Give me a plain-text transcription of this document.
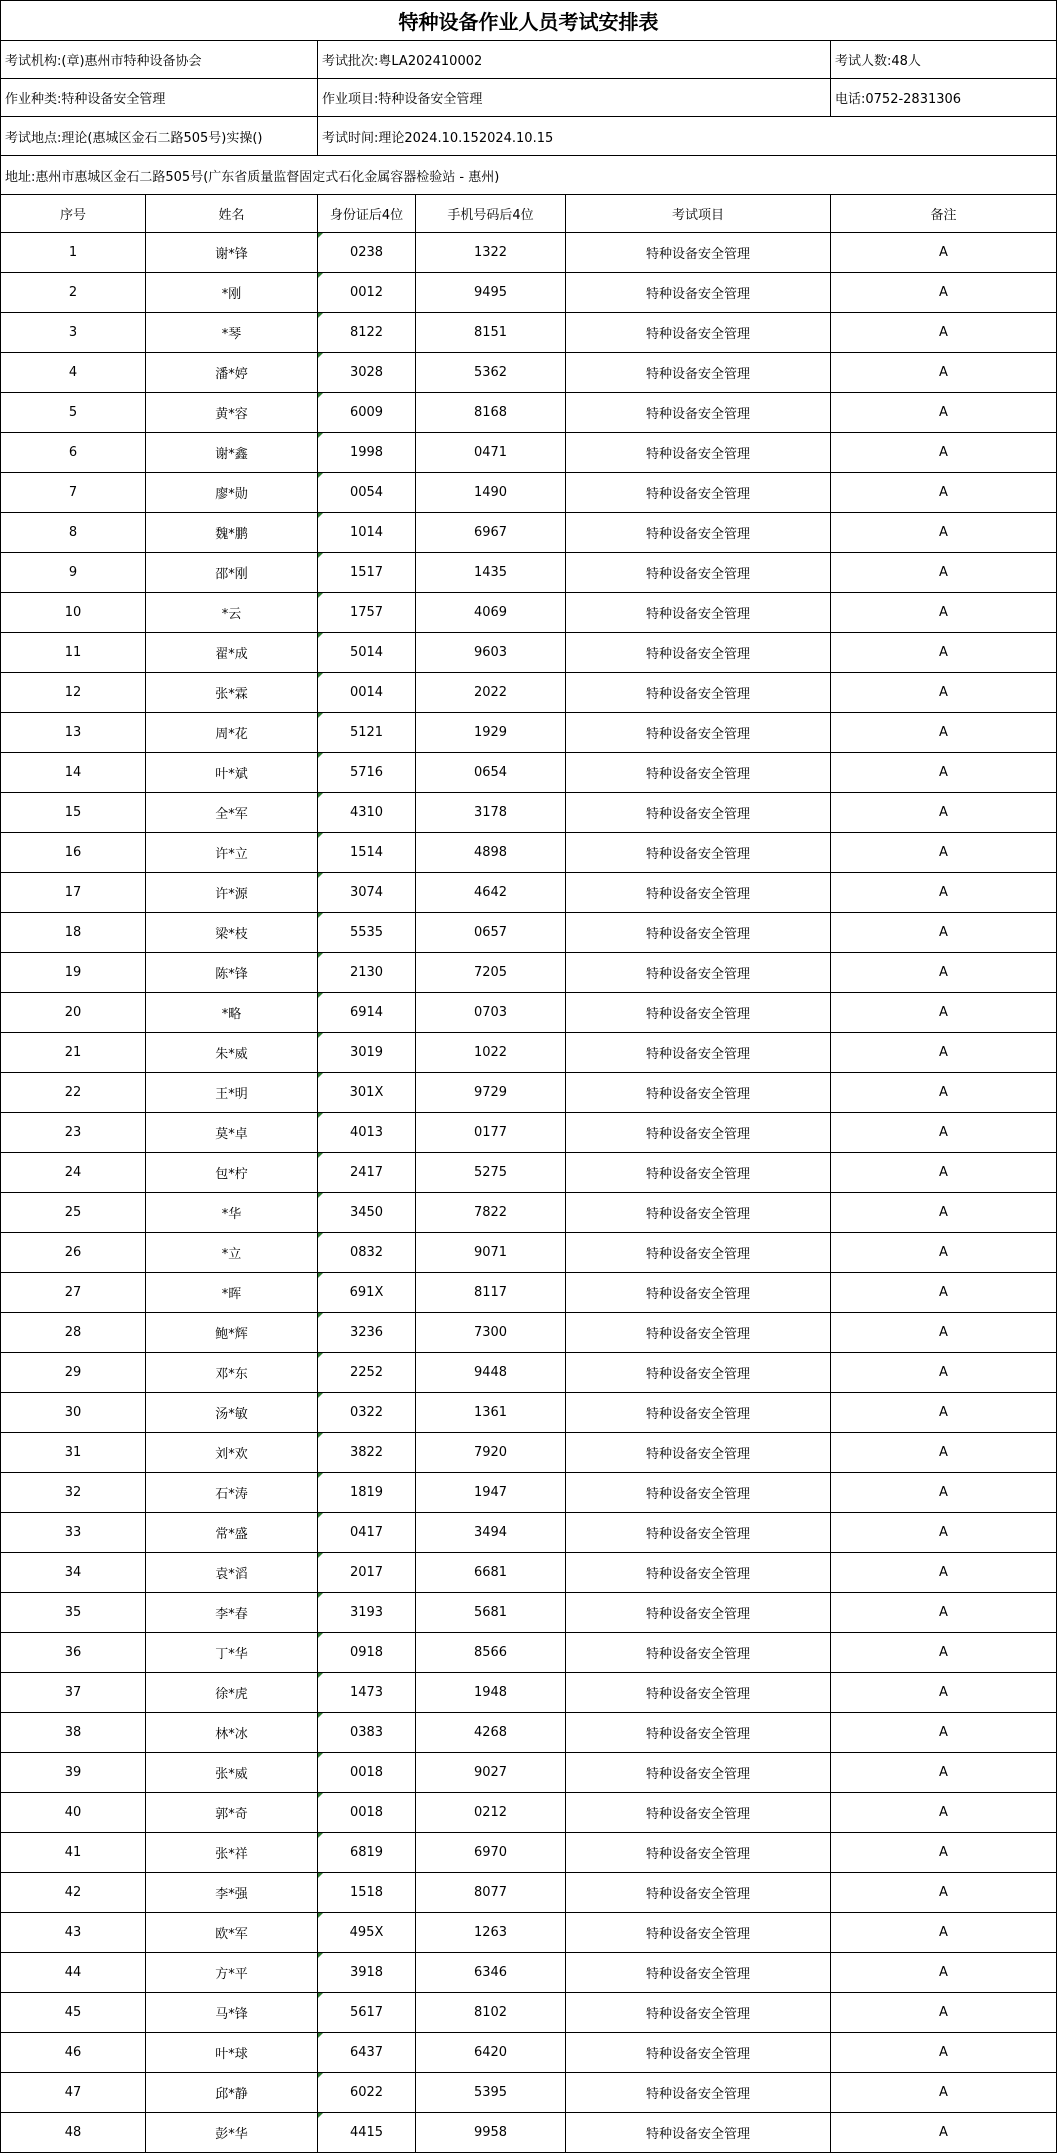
特种设备作业人员考试安排表
考试机构:(章)惠州市特种设备协会	考试批次:粤LA202410002	考试人数:48人
作业种类:特种设备安全管理	作业项目:特种设备安全管理	电话:0752-2831306
考试地点:理论(惠城区金石二路505号)实操()	考试时间:理论2024.10.152024.10.15
地址:惠州市惠城区金石二路505号(广东省质量监督固定式石化金属容器检验站 - 惠州)
序号	姓名	身份证后4位	手机号码后4位	考试项目	备注
1	谢*锋	0238	1322	特种设备安全管理	A
2	*刚	0012	9495	特种设备安全管理	A
3	*琴	8122	8151	特种设备安全管理	A
4	潘*婷	3028	5362	特种设备安全管理	A
5	黄*容	6009	8168	特种设备安全管理	A
6	谢*鑫	1998	0471	特种设备安全管理	A
7	廖*勋	0054	1490	特种设备安全管理	A
8	魏*鹏	1014	6967	特种设备安全管理	A
9	邵*刚	1517	1435	特种设备安全管理	A
10	*云	1757	4069	特种设备安全管理	A
11	翟*成	5014	9603	特种设备安全管理	A
12	张*霖	0014	2022	特种设备安全管理	A
13	周*花	5121	1929	特种设备安全管理	A
14	叶*斌	5716	0654	特种设备安全管理	A
15	全*军	4310	3178	特种设备安全管理	A
16	许*立	1514	4898	特种设备安全管理	A
17	许*源	3074	4642	特种设备安全管理	A
18	梁*枝	5535	0657	特种设备安全管理	A
19	陈*锋	2130	7205	特种设备安全管理	A
20	*略	6914	0703	特种设备安全管理	A
21	朱*威	3019	1022	特种设备安全管理	A
22	王*明	301X	9729	特种设备安全管理	A
23	莫*卓	4013	0177	特种设备安全管理	A
24	包*柠	2417	5275	特种设备安全管理	A
25	*华	3450	7822	特种设备安全管理	A
26	*立	0832	9071	特种设备安全管理	A
27	*晖	691X	8117	特种设备安全管理	A
28	鲍*辉	3236	7300	特种设备安全管理	A
29	邓*东	2252	9448	特种设备安全管理	A
30	汤*敏	0322	1361	特种设备安全管理	A
31	刘*欢	3822	7920	特种设备安全管理	A
32	石*涛	1819	1947	特种设备安全管理	A
33	常*盛	0417	3494	特种设备安全管理	A
34	袁*滔	2017	6681	特种设备安全管理	A
35	李*春	3193	5681	特种设备安全管理	A
36	丁*华	0918	8566	特种设备安全管理	A
37	徐*虎	1473	1948	特种设备安全管理	A
38	林*冰	0383	4268	特种设备安全管理	A
39	张*威	0018	9027	特种设备安全管理	A
40	郭*奇	0018	0212	特种设备安全管理	A
41	张*祥	6819	6970	特种设备安全管理	A
42	李*强	1518	8077	特种设备安全管理	A
43	欧*军	495X	1263	特种设备安全管理	A
44	方*平	3918	6346	特种设备安全管理	A
45	马*锋	5617	8102	特种设备安全管理	A
46	叶*球	6437	6420	特种设备安全管理	A
47	邱*静	6022	5395	特种设备安全管理	A
48	彭*华	4415	9958	特种设备安全管理	A
